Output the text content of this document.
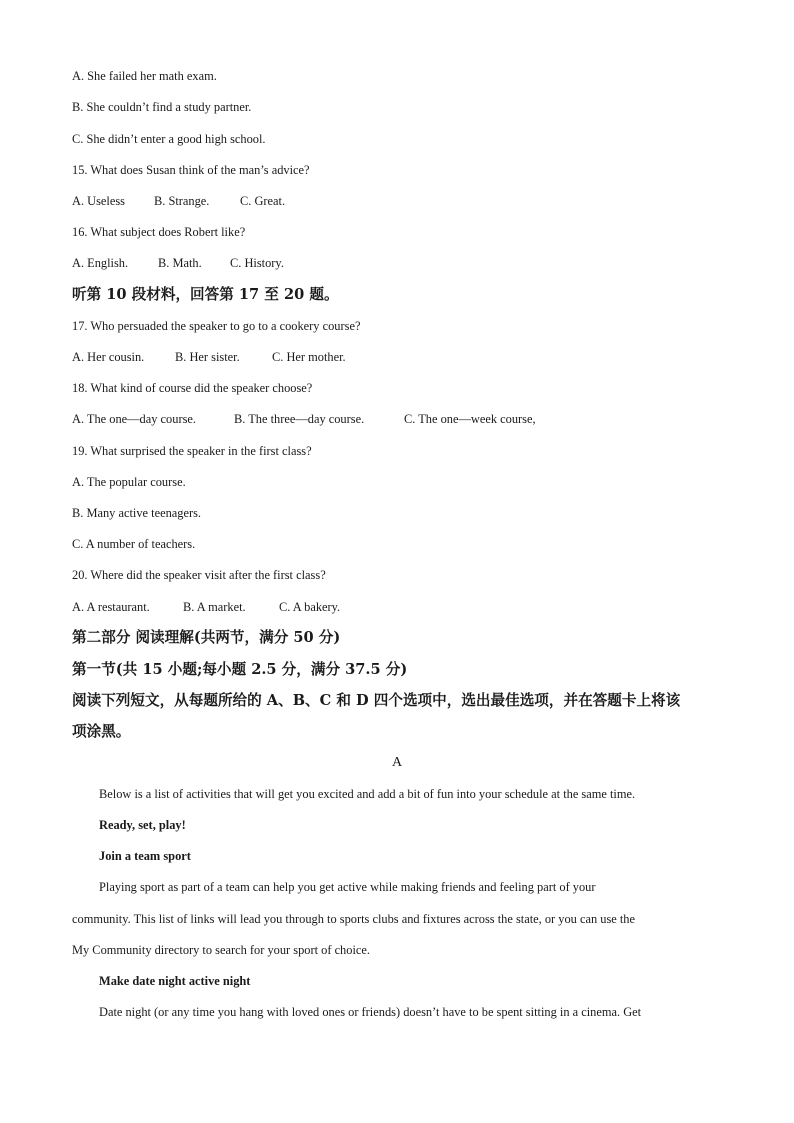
A. She failed her math exam.
B. She couldn’t find a study partner.
C. She didn’t enter a good high school.
15. What does Susan think of the man’s advice?
A. Useless B. Strange. C. Great.
16. What subject does Robert like?
A. English. B. Math. C. History.
听第 10 段材料，回答第 17 至 20 题。
17. Who persuaded the speaker to go to a cookery course?
A. Her cousin. B. Her sister.	C. Her mother.
18. What kind of course did the speaker choose?
A. The one—day course.	B. The three—day course.	C. The one—week course,
19. What surprised the speaker in the first class?
A. The popular course.
B. Many active teenagers.
C. A number of teachers.
20. Where did the speaker visit after the first class?
A. A restaurant.	B. A market.	C. A bakery.
第二部分 阅读理解(共两节，满分 50 分)
第一节(共 15 小题;每小题 2.5 分，满分 37.5 分)
阅读下列短文，从每题所给的 A、B、C 和 D 四个选项中，选出最佳选项，并在答题卡上将该
项涂黑。
A
Below is a list of activities that will get you excited and add a bit of fun into your schedule at the same time.
Ready, set, play!
Join a team sport
Playing sport as part of a team can help you get active while making friends and feeling part of your
community. This list of links will lead you through to sports clubs and fixtures across the state, or you can use the
My Community directory to search for your sport of choice.
Make date night active night
Date night (or any time you hang with loved ones or friends) doesn’t have to be spent sitting in a cinema. Get
